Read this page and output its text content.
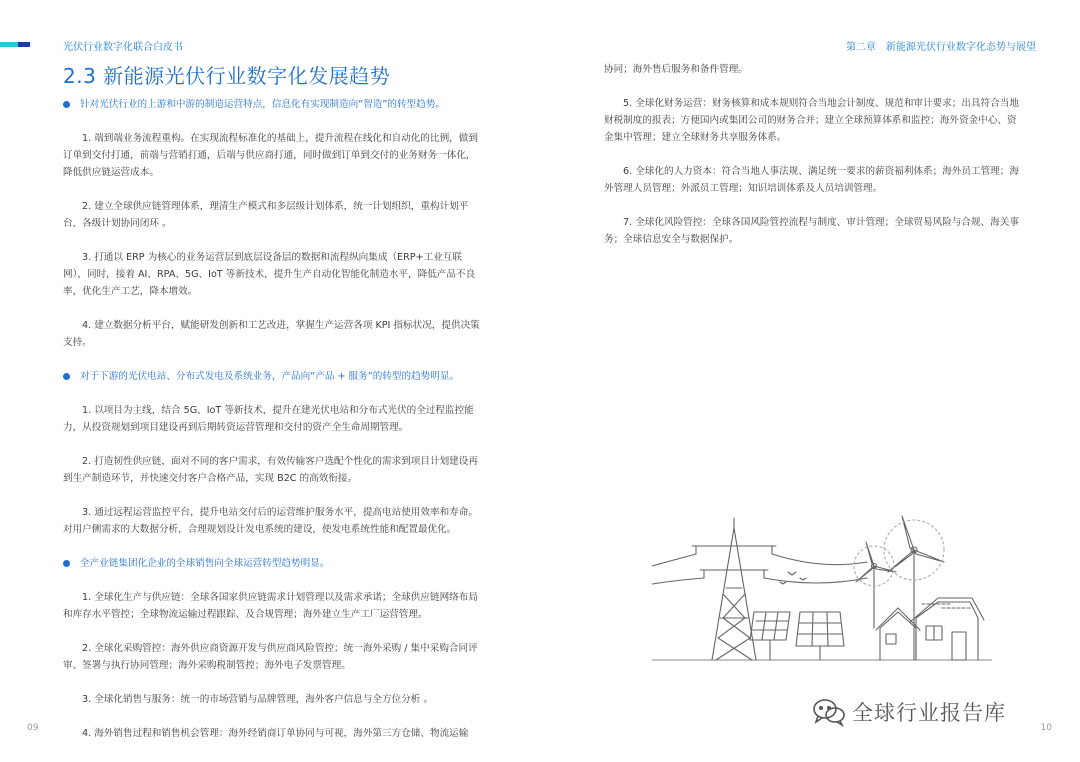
光伏行业数字化联合白皮书	第二章　新能源光伏行业数字化态势与展望
2.3 新能源光伏行业数字化发展趋势
针对光伏行业的上游和中游的制造运营特点，信息化有实现制造向“智造”的转型趋势。

1. 端到端业务流程重构。在实现流程标准化的基础上，提升流程在线化和自动化的比例，做到订单到交付打通，前端与营销打通，后端与供应商打通，同时做到订单到交付的业务财务一体化，降低供应链运营成本。

2. 建立全球供应链管理体系，理清生产模式和多层级计划体系，统一计划组织，重构计划平台，各级计划协同闭环 。

3. 打通以 ERP 为核心的业务运营层到底层设备层的数据和流程纵向集成（ERP+工业互联网），同时，接着 AI、RPA、5G、IoT 等新技术，提升生产自动化智能化制造水平，降低产品不良率，优化生产工艺，降本增效。

4. 建立数据分析平台，赋能研发创新和工艺改进，掌握生产运营各项 KPI 指标状况，提供决策支持。

对于下游的光伏电站、分布式发电及系统业务，产品向“产品 + 服务”的转型的趋势明显。

1. 以项目为主线，结合 5G、IoT 等新技术，提升在建光伏电站和分布式光伏的全过程监控能力，从投资规划到项目建设再到后期转资运营管理和交付的资产全生命周期管理。

2. 打造韧性供应链，面对不同的客户需求，有效传输客户选配个性化的需求到项目计划建设再到生产制造环节，并快速交付客户合格产品，实现 B2C 的高效衔接。

3. 通过远程运营监控平台，提升电站交付后的运营维护服务水平，提高电站使用效率和寿命。对用户侧需求的大数据分析，合理规划设计发电系统的建设，使发电系统性能和配置最优化。

全产业链集团化企业的全球销售向全球运营转型趋势明显。

1. 全球化生产与供应链：全球各国家供应链需求计划管理以及需求承诺；全球供应链网络布局和库存水平管控；全球物流运输过程跟踪、及合规管理；海外建立生产工厂运营管理。

2. 全球化采购管控：海外供应商资源开发与供应商风险管控；统一海外采购 / 集中采购合同评审、签署与执行协同管理；海外采购税制管控；海外电子发票管理。

3. 全球化销售与服务：统一的市场营销与品牌管理，海外客户信息与全方位分析 。

4. 海外销售过程和销售机会管理：海外经销商订单协同与可视，海外第三方仓储、物流运输

协同；海外售后服务和备件管理。

5. 全球化财务运营：财务核算和成本规则符合当地会计制度、规范和审计要求；出具符合当地财税制度的报表；方便国内或集团公司的财务合并；建立全球预算体系和监控；海外资金中心、资金集中管理；建立全球财务共享服务体系。

6. 全球化的人力资本：符合当地人事法规、满足统一要求的薪资福利体系；海外员工管理；海外管理人员管理；外派员工管理；知识培训体系及人员培训管理。

7. 全球化风险管控：全球各国风险管控流程与制度、审计管理；全球贸易风险与合规、海关事务；全球信息安全与数据保护。

全球行业报告库
09	10
